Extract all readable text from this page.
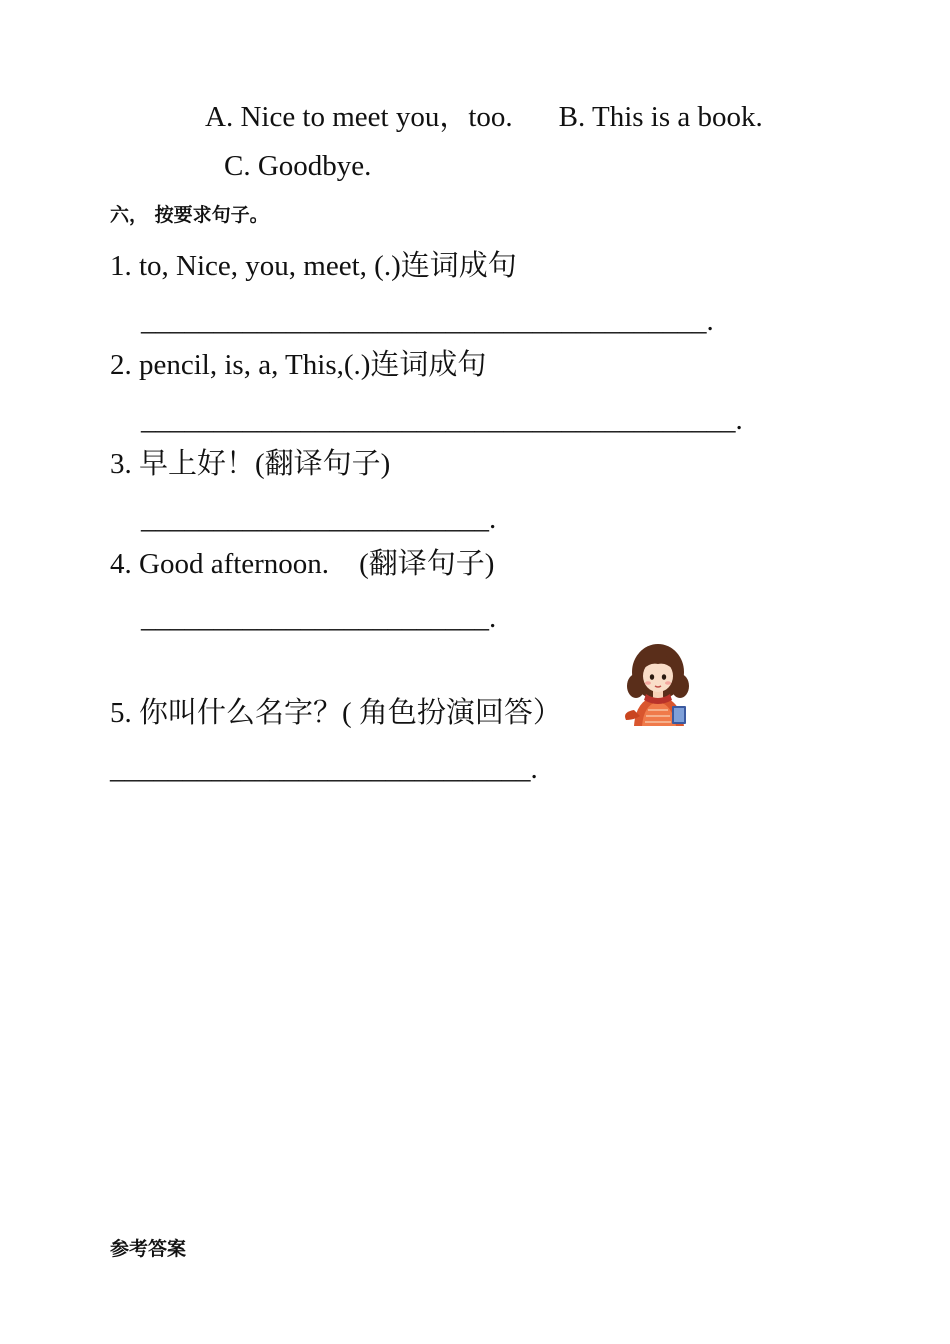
A. Nice to meet you，too. B. This is a book.
C. Goodbye.
六， 按要求句子。
1. to, Nice, you, meet, (.)连词成句
_______________________________________.
2. pencil, is, a, This,(.)连词成句
_________________________________________.
3. 早上好！(翻译句子)
________________________.
4. Good afternoon. (翻译句子)
________________________.
5. 你叫什么名字？( 角色扮演回答）
_____________________________.
参考答案
